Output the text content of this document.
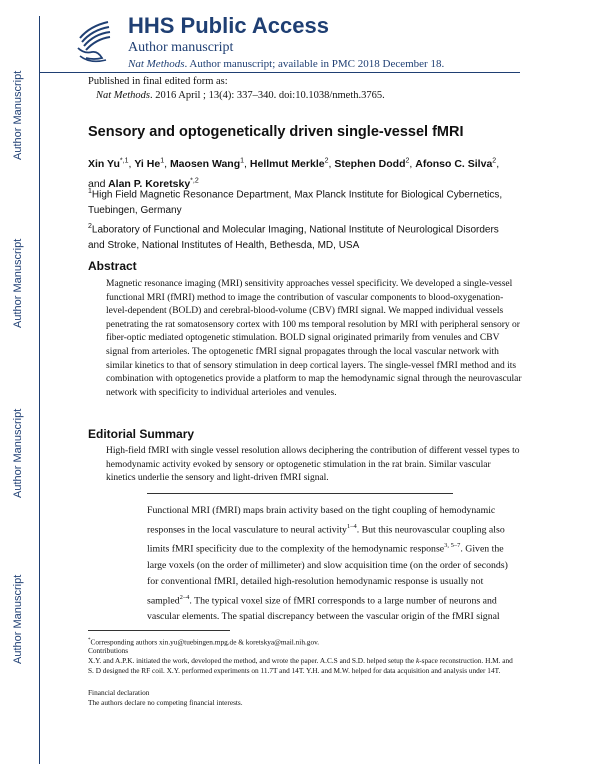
Author Manuscript
Author Manuscript
Author Manuscript
Author Manuscript
HHS Public Access
Author manuscript
Nat Methods. Author manuscript; available in PMC 2018 December 18.
Published in final edited form as:
Nat Methods. 2016 April ; 13(4): 337–340. doi:10.1038/nmeth.3765.
Sensory and optogenetically driven single-vessel fMRI
Xin $Yu^{*,1}$, Yi He$^1$, Maosen Wang$^1$, Hellmut Merkle$^2$, Stephen Dodd$^2$, Afonso C. Silva$^2$, and Alan P. Koretsky$^{*,2}$
$^1$High Field Magnetic Resonance Department, Max Planck Institute for Biological Cybernetics, Tuebingen, Germany
$^2$Laboratory of Functional and Molecular Imaging, National Institute of Neurological Disorders and Stroke, National Institutes of Health, Bethesda, MD, USA
Abstract

Magnetic resonance imaging (MRI) sensitivity approaches vessel specificity. We developed a single-vessel functional MRI (fMRI) method to image the contribution of vascular components to blood-oxygenation-level-dependent (BOLD) and cerebral-blood-volume (CBV) fMRI signal. We mapped individual vessels penetrating the rat somatosensory cortex with 100 ms temporal resolution by MRI with peripheral sensory or fiber-optic mediated optogenetic stimulation. BOLD signal originated primarily from venules and CBV signal from arterioles. The optogenetic fMRI signal propagates through the local vascular network with similar kinetics to that of sensory stimulation in deep cortical layers. The single-vessel fMRI method and its combination with optogenetics provide a platform to map the hemodynamic signal through the neurovascular network with specificity to individual arterioles and venules.

Editorial Summary

High-field fMRI with single vessel resolution allows deciphering the contribution of different vessel types to hemodynamic activity evoked by sensory or optogenetic stimulation in the rat brain. Similar vascular kinetics underlie the sensory and light-driven fMRI signal.

Functional MRI (fMRI) maps brain activity based on the tight coupling of hemodynamic responses in the local vasculature to neural activity$^{1-4}$. But this neurovascular coupling also limits fMRI specificity due to the complexity of the hemodynamic response$^{3, 5-7}$. Given the large voxels (on the order of millimeter) and slow acquisition time (on the order of seconds) for conventional fMRI, detailed high-resolution hemodynamic response is usually not sampled$^{2-4}$. The typical voxel size of fMRI corresponds to a large number of neurons and vascular elements. The spatial discrepancy between the vascular origin of the fMRI signal

*Corresponding authors xin.yu@tuebingen.mpg.de & koretskya@mail.nih.gov.

Contributions

X.Y. and A.P.K. initiated the work, developed the method, and wrote the paper. A.C.S and S.D. helped setup the k-space reconstruction. H.M. and S. D designed the RF coil. X.Y. performed experiments on 11.7T and 14T. Y.H. and M.W. helped for data acquisition and analysis under 14T.

Financial declaration

The authors declare no competing financial interests.
